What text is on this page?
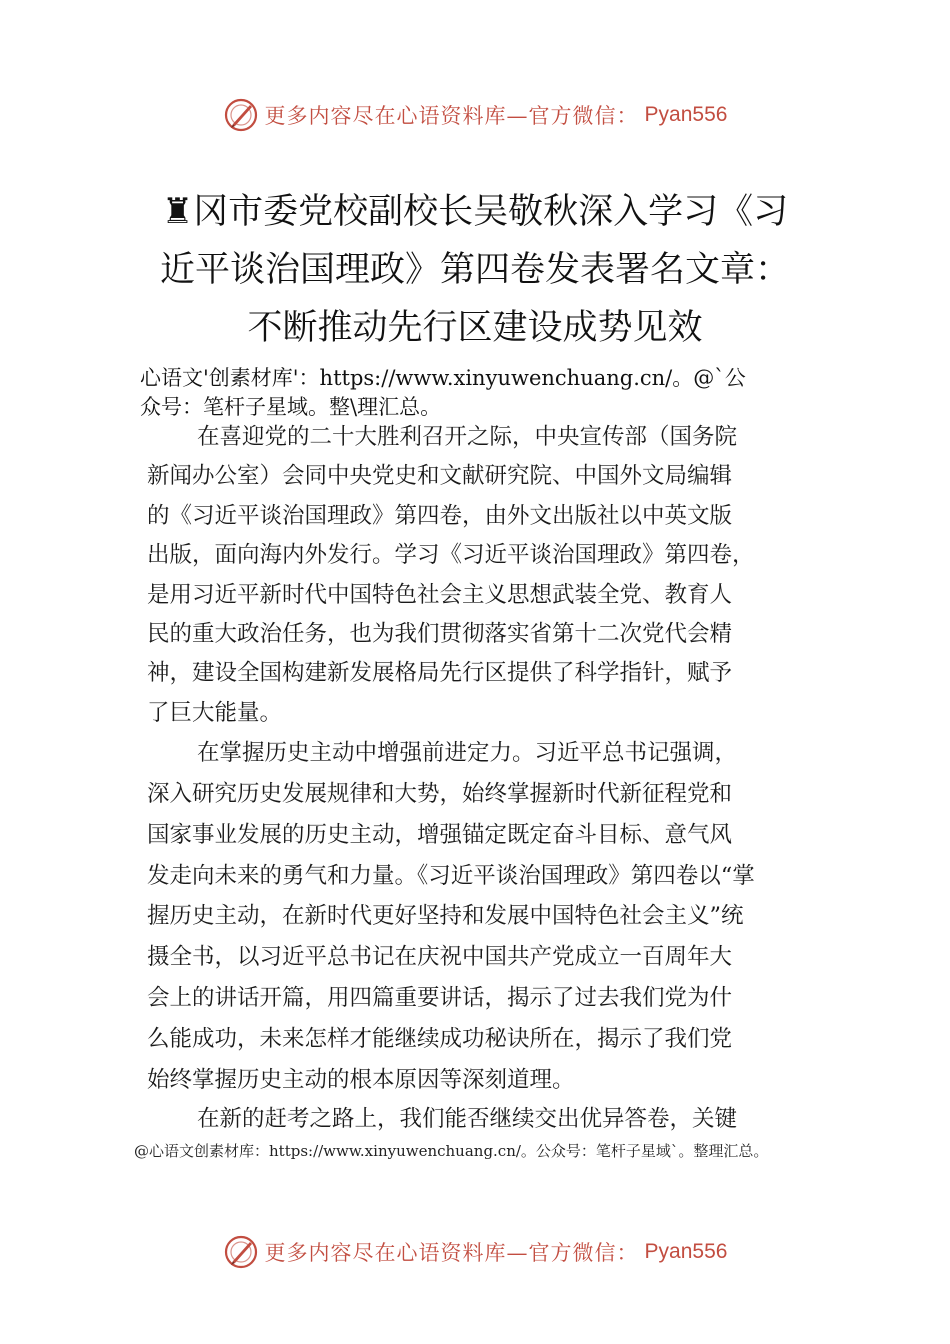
更多内容尽在心语资料库—官方微信： Pyan556
♜冈市委党校副校长吴敬秋深入学习《习
近平谈治国理政》第四卷发表署名文章：
不断推动先行区建设成势见效
心语文'创素材库'：https://www.xinyuwenchuang.cn/。@`公
众号：笔杆子星域。整\理汇总。
在喜迎党的二十大胜利召开之际，中央宣传部（国务院
新闻办公室）会同中央党史和文献研究院、中国外文局编辑
的《习近平谈治国理政》第四卷，由外文出版社以中英文版
出版，面向海内外发行。学习《习近平谈治国理政》第四卷，
是用习近平新时代中国特色社会主义思想武装全党、教育人
民的重大政治任务，也为我们贯彻落实省第十二次党代会精
神，建设全国构建新发展格局先行区提供了科学指针，赋予
了巨大能量。
在掌握历史主动中增强前进定力。习近平总书记强调，
深入研究历史发展规律和大势，始终掌握新时代新征程党和
国家事业发展的历史主动，增强锚定既定奋斗目标、意气风
发走向未来的勇气和力量。《习近平谈治国理政》第四卷以“掌
握历史主动，在新时代更好坚持和发展中国特色社会主义”统
摄全书，以习近平总书记在庆祝中国共产党成立一百周年大
会上的讲话开篇，用四篇重要讲话，揭示了过去我们党为什
么能成功，未来怎样才能继续成功秘诀所在，揭示了我们党
始终掌握历史主动的根本原因等深刻道理。
在新的赶考之路上，我们能否继续交出优异答卷，关键
@心语文创素材库：https://www.xinyuwenchuang.cn/。公众号：笔杆子星域`。整理汇总。
更多内容尽在心语资料库—官方微信： Pyan556
